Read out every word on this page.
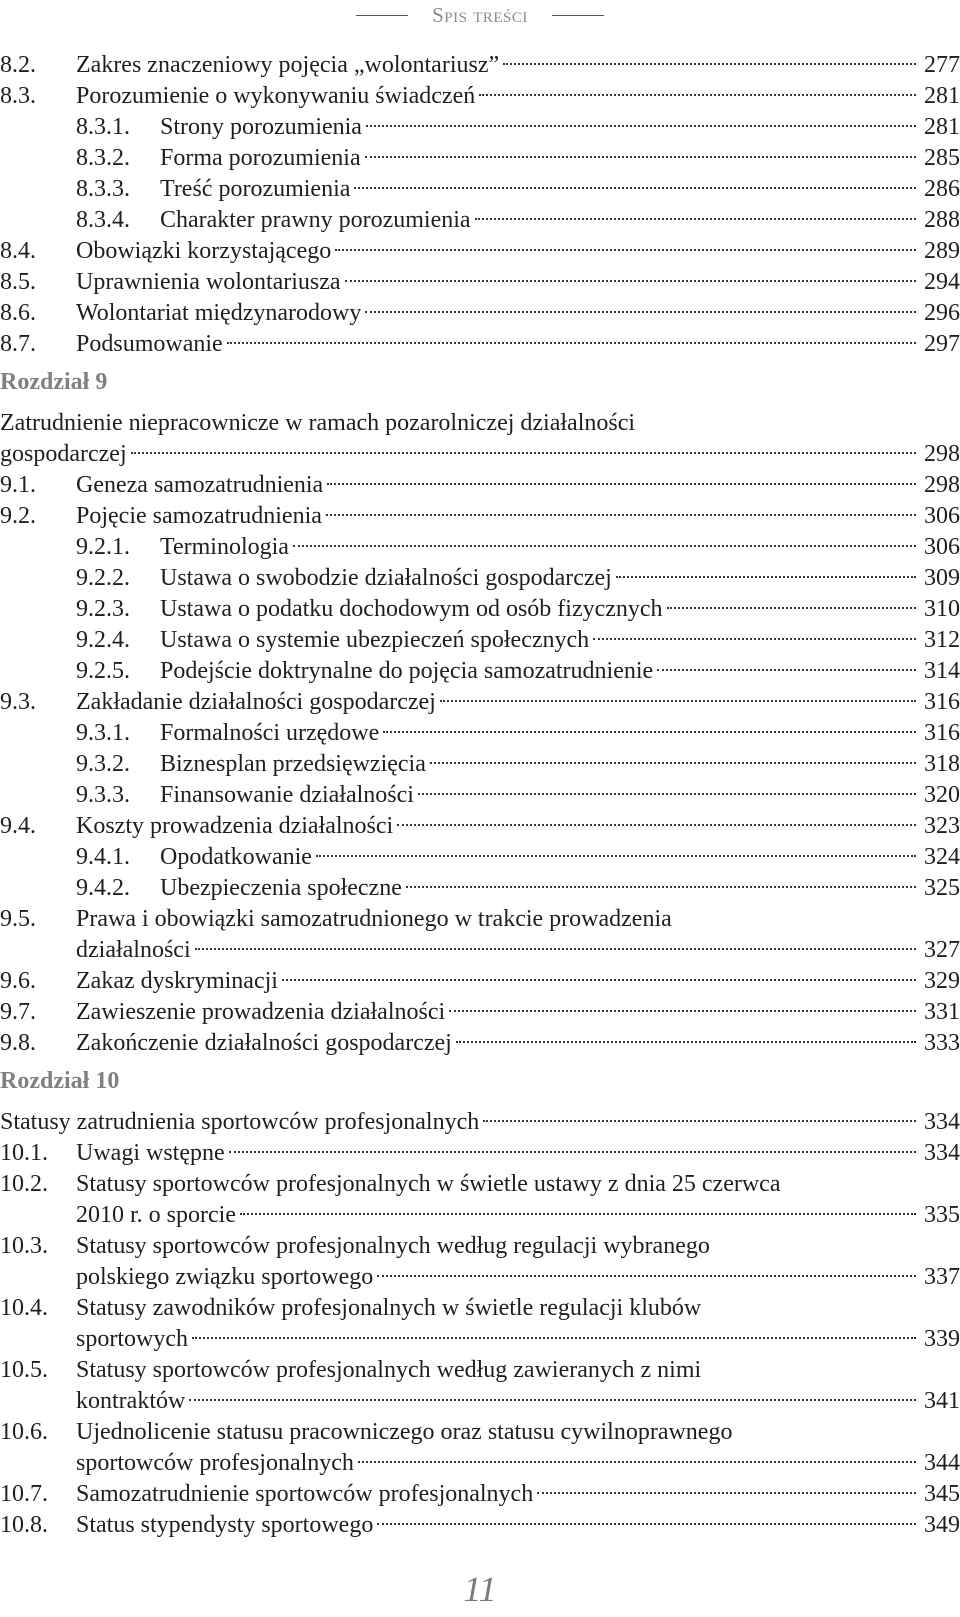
Spis treści
8.2. Zakres znaczeniowy pojęcia „wolontariusz”	277
8.3. Porozumienie o wykonywaniu świadczeń	281
8.3.1. Strony porozumienia	281
8.3.2. Forma porozumienia	285
8.3.3. Treść porozumienia	286
8.3.4. Charakter prawny porozumienia	288
8.4. Obowiązki korzystającego	289
8.5. Uprawnienia wolontariusza	294
8.6. Wolontariat międzynarodowy	296
8.7. Podsumowanie	297
Rozdział 9
Zatrudnienie niepracownicze w ramach pozarolniczej działalności
gospodarczej	298
9.1. Geneza samozatrudnienia	298
9.2. Pojęcie samozatrudnienia	306
9.2.1. Terminologia	306
9.2.2. Ustawa o swobodzie działalności gospodarczej	309
9.2.3. Ustawa o podatku dochodowym od osób fizycznych	310
9.2.4. Ustawa o systemie ubezpieczeń społecznych	312
9.2.5. Podejście doktrynalne do pojęcia samozatrudnienie	314
9.3. Zakładanie działalności gospodarczej	316
9.3.1. Formalności urzędowe	316
9.3.2. Biznesplan przedsięwzięcia	318
9.3.3. Finansowanie działalności	320
9.4. Koszty prowadzenia działalności	323
9.4.1. Opodatkowanie	324
9.4.2. Ubezpieczenia społeczne	325
9.5. Prawa i obowiązki samozatrudnionego w trakcie prowadzenia
działalności	327
9.6. Zakaz dyskryminacji	329
9.7. Zawieszenie prowadzenia działalności	331
9.8. Zakończenie działalności gospodarczej	333
Rozdział 10
Statusy zatrudnienia sportowców profesjonalnych	334
10.1. Uwagi wstępne	334
10.2. Statusy sportowców profesjonalnych w świetle ustawy z dnia 25 czerwca
2010 r. o sporcie	335
10.3. Statusy sportowców profesjonalnych według regulacji wybranego
polskiego związku sportowego	337
10.4. Statusy zawodników profesjonalnych w świetle regulacji klubów
sportowych	339
10.5. Statusy sportowców profesjonalnych według zawieranych z nimi
kontraktów	341
10.6. Ujednolicenie statusu pracowniczego oraz statusu cywilnoprawnego
sportowców profesjonalnych	344
10.7. Samozatrudnienie sportowców profesjonalnych	345
10.8. Status stypendysty sportowego	349
11
